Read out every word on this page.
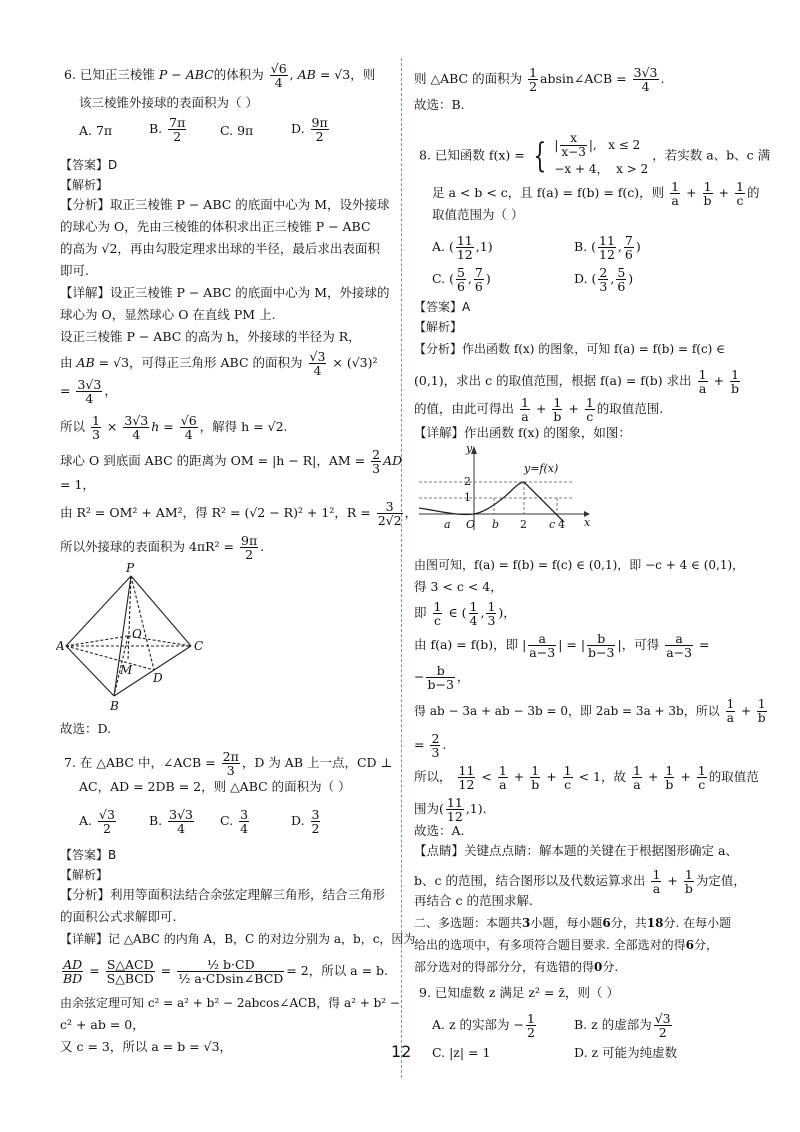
6. 已知正三棱锥 P − ABC的体积为 $\frac{√6}{4}$ , AB = √3，则
该三棱锥外接球的表面积为（ ）
A. 7π	B. $\frac{7\pi}{2}$	C. 9π	D. $\frac{9\pi}{2}$
【答案】D
【解析】
【分析】取正三棱锥 P − ABC 的底面中心为 M，设外接球
的球心为 O，先由三棱锥的体积求出正三棱锥 P − ABC
的高为 √2，再由勾股定理求出球的半径，最后求出表面积
即可.
【详解】设正三棱锥 P − ABC 的底面中心为 M，外接球的
球心为 O，显然球心 O 在直线 PM 上.
设正三棱锥 P − ABC 的高为 h，外接球的半径为 R，
由 AB = √3，可得正三角形 ABC 的面积为 $\frac{√3}{4} \times (√3)^2$
= $\frac{3√3}{4}$ ，
所以 $\frac{1}{3} \times \frac{3√3}{4}$ $h = \frac{√6}{4}$ ，解得 h = √2.
球心 O 到底面 ABC 的距离为 OM = |h − R|，AM = $\frac{2}{3}$ AD
= 1，
由 R² = OM² + AM²，得 R² = (√2 − R)² + 1²，$R = \frac{3}{2√2}$ ，
所以外接球的表面积为 $4\pi R^2 = \frac{9\pi}{2}$ .
P
A	C
O
M
D
B
故选：D.
7. 在 △ABC 中，∠ACB = $\frac{2\pi}{3}$ ，D 为 AB 上一点，CD ⊥
AC，AD = 2DB = 2，则 △ABC 的面积为（ ）
A. $\frac{√3}{2}$	B. $\frac{3√3}{4} C$. $\frac{3}{4}$	D. $\frac{3}{2}$
【答案】B
【解析】
【分析】利用等面积法结合余弦定理解三角形，结合三角形
的面积公式求解即可.
【详解】记 △ABC 的内角 A，B，C 的对边分别为 a，b，c，因为
$\frac{AD}{BD} = \frac{\text{S△ACD}}{\text{S△BCD}} = \frac{\text{½ b·CD}}{\text{½ a·CDsin∠BCD}} = 2$，所以 a = b.
由余弦定理可知 c² = a² + b² − 2abcos∠ACB，得 a² + b² −
c² + ab = 0，
又 c = 3，所以 a = b = √3，
则 △ABC 的面积为 $\frac{1}{2}$ absin∠ACB = $\frac{3√3}{4}$ .
故选：B.
8. 已知函数 f(x) = { | $\frac{x}{x-3}$ |,   x ≤ 2
−x + 4， x > 2
，若实数 a、b、c 满
足 a < b < c，且 f(a) = f(b) = f(c)，则 $\frac{1}{a} + \frac{1}{b} + \frac{1}{c}$ 的
取值范围为（ ）
A. ( $\frac{11}{12} ,1$)	B. ( $\frac{11}{12}$ , $\frac{7}{6}$ )
C. ( $\frac{5}{6}$ , $\frac{7}{6}$ )	D. ( $\frac{2}{3}$ , $\frac{5}{6}$ )
【答案】A
【解析】
【分析】作出函数 f(x) 的图象，可知 f(a) = f(b) = f(c) ∈
(0,1)，求出 c 的取值范围，根据 f(a) = f(b) 求出 $\frac{1}{a} + \frac{1}{b}$
的值，由此可得出 $\frac{1}{a} + \frac{1}{b} + \frac{1}{c}$ 的取值范围.
【详解】作出函数 f(x) 的图象，如图：
y
x
y=f(x)
2
1
a O b 2 c 4
由图可知，f(a) = f(b) = f(c) ∈ (0,1)，即 −c + 4 ∈ (0,1)，
得 3 < c < 4，
即 $\frac{1}{c}$ ∈ ( $\frac{1}{4}$ , $\frac{1}{3}$ )，
由 f(a) = f(b)，即 | $\frac{a}{a-3}$ | = | $\frac{b}{b-3}$ |，可得 $\frac{a}{a-3}$ =
− $\frac{b}{b-3}$ ，
得 ab − 3a + ab − 3b = 0，即 2ab = 3a + 3b，所以 $\frac{1}{a} + \frac{1}{b}$
= $\frac{2}{3}$ .
所以， $\frac{11}{12} < \frac{1}{a} + \frac{1}{b} + \frac{1}{c} < 1$，故 $\frac{1}{a} + \frac{1}{b} + \frac{1}{c}$ 的取值范
围为( $\frac{11}{12} ,1$).
故选：A.
【点睛】关键点点睛：解本题的关键在于根据图形确定 a、
b、c 的范围，结合图形以及代数运算求出 $\frac{1}{a} + \frac{1}{b}$ 为定值，
再结合 c 的范围求解.
二、多选题：本题共3小题，每小题6分，共18分. 在每小题
给出的选项中，有多项符合题目要求. 全部选对的得6分，
部分选对的得部分分，有选错的得0分.
9. 已知虚数 z 满足 z² = z̄，则（ ）
A. z 的实部为 − $\frac{1}{2}$	B. z 的虚部为 $\frac{√3}{2}$
C. |z| = 1	D. z 可能为纯虚数
12
